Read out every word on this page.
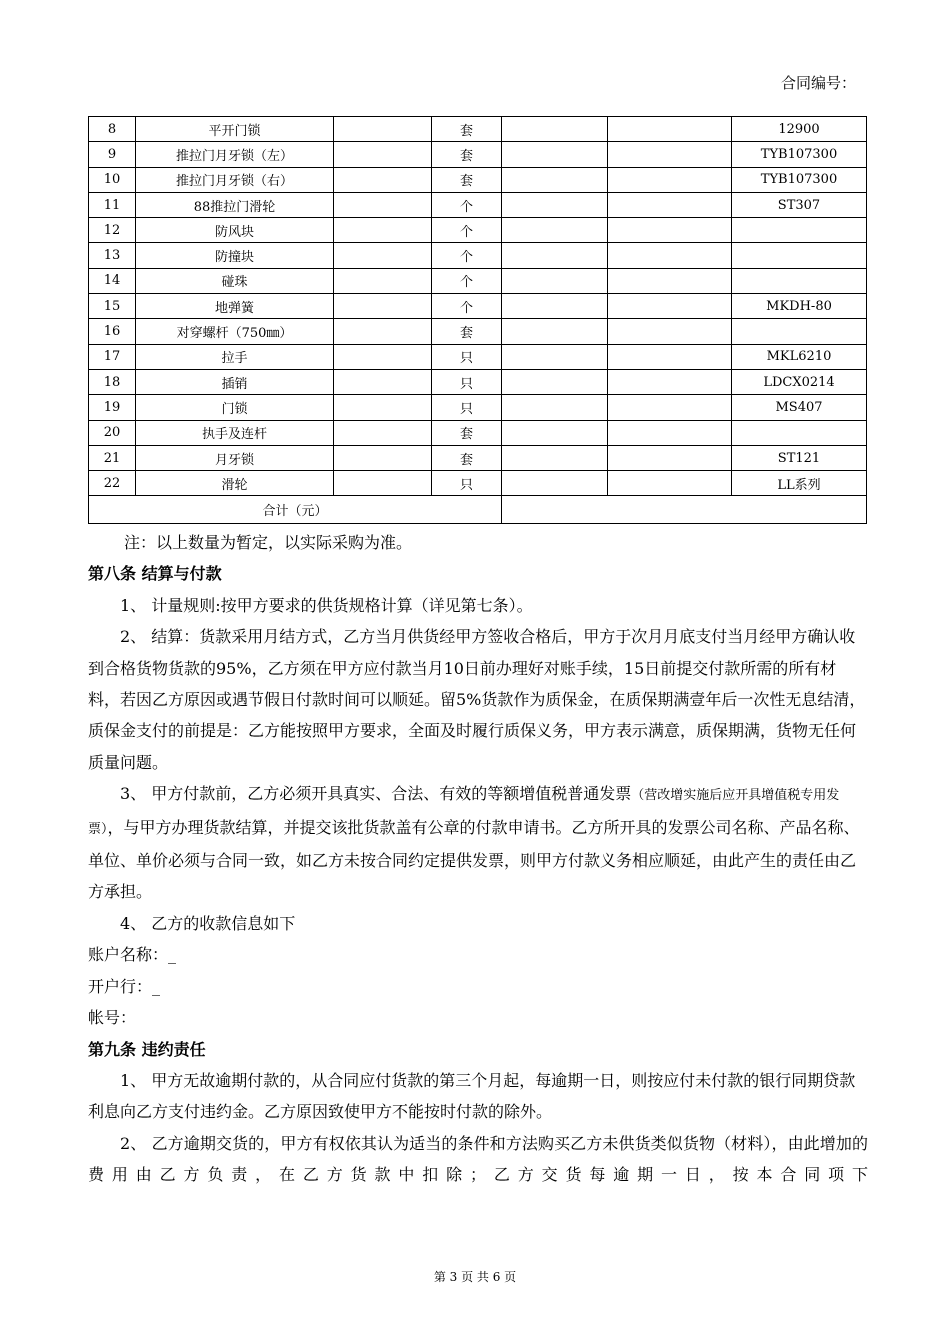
合同编号：
8	平开门锁		套			12900
9	推拉门月牙锁（左）		套			TYB107300
10	推拉门月牙锁（右）		套			TYB107300
11	88推拉门滑轮		个			ST307
12	防风块		个			
13	防撞块		个			
14	碰珠		个			
15	地弹簧		个			MKDH-80
16	对穿螺杆（750㎜）		套			
17	拉手		只			MKL6210
18	插销		只			LDCX0214
19	门锁		只			MS407
20	执手及连杆		套			
21	月牙锁		套			ST121
22	滑轮		只			LL系列
合计（元）						

注：以上数量为暂定，以实际采购为准。

第八条 结算与付款

1、 计量规则:按甲方要求的供货规格计算（详见第七条）。

2、 结算：货款采用月结方式，乙方当月供货经甲方签收合格后，甲方于次月月底支付当月经甲方确认收到合格货物货款的95%，乙方须在甲方应付款当月10日前办理好对账手续，15日前提交付款所需的所有材料，若因乙方原因或遇节假日付款时间可以顺延。留5%货款作为质保金，在质保期满壹年后一次性无息结清，质保金支付的前提是：乙方能按照甲方要求，全面及时履行质保义务，甲方表示满意，质保期满，货物无任何质量问题。

3、 甲方付款前，乙方必须开具真实、合法、有效的等额增值税普通发票（营改增实施后应开具增值税专用发票），与甲方办理货款结算，并提交该批货款盖有公章的付款申请书。乙方所开具的发票公司名称、产品名称、单位、单价必须与合同一致，如乙方未按合同约定提供发票，则甲方付款义务相应顺延，由此产生的责任由乙方承担。

4、 乙方的收款信息如下

账户名称：_

开户行：_

帐号：

第九条 违约责任

1、 甲方无故逾期付款的，从合同应付货款的第三个月起，每逾期一日，则按应付未付款的银行同期贷款利息向乙方支付违约金。乙方原因致使甲方不能按时付款的除外。

2、 乙方逾期交货的，甲方有权依其认为适当的条件和方法购买乙方未供货类似货物（材料），由此增加的费用由乙方负责，在乙方货款中扣除；乙方交货每逾期一日，按本合同项下

第 3 页 共 6 页
